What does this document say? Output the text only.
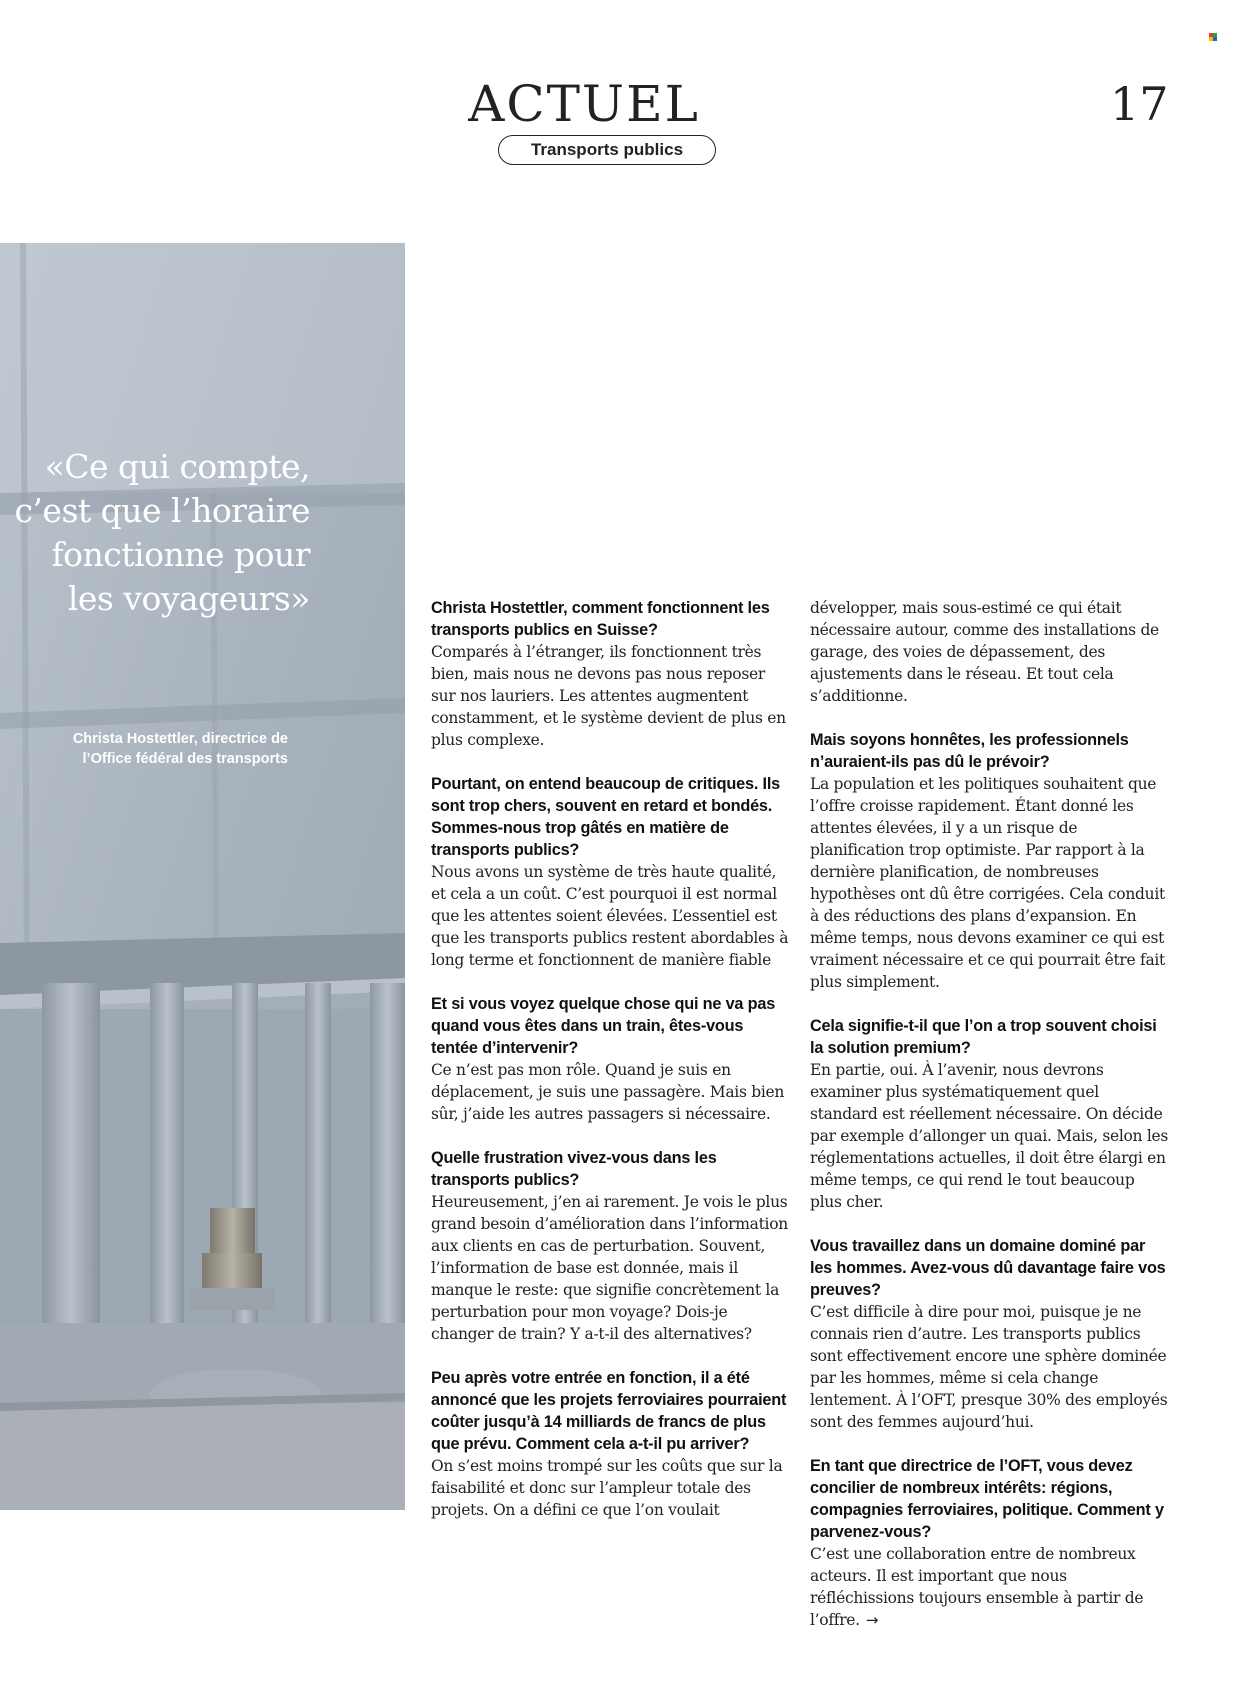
ACTUEL
Transports publics
17
«Ce qui compte, c’est que l’horaire fonctionne pour les voyageurs»
Christa Hostettler, directrice de l’Office fédéral des transports

Christa Hostettler, comment fonctionnent les transports publics en Suisse?

Comparés à l’étranger, ils fonctionnent très bien, mais nous ne devons pas nous reposer sur nos lauriers. Les attentes augmentent constamment, et le système devient de plus en plus complexe.

Pourtant, on entend beaucoup de critiques. Ils sont trop chers, souvent en retard et bondés. Sommes-nous trop gâtés en matière de transports publics?

Nous avons un système de très haute qualité, et cela a un coût. C’est pourquoi il est normal que les attentes soient élevées. L’essentiel est que les transports publics restent abordables à long terme et fonctionnent de manière fiable

Et si vous voyez quelque chose qui ne va pas quand vous êtes dans un train, êtes-vous tentée d’intervenir?

Ce n’est pas mon rôle. Quand je suis en déplacement, je suis une passagère. Mais bien sûr, j’aide les autres passagers si nécessaire.

Quelle frustration vivez-vous dans les transports publics?

Heureusement, j’en ai rarement. Je vois le plus grand besoin d’amélioration dans l’information aux clients en cas de perturbation. Souvent, l’information de base est donnée, mais il manque le reste: que signifie concrètement la perturbation pour mon voyage? Dois-je changer de train? Y a-t-il des alternatives?

Peu après votre entrée en fonction, il a été annoncé que les projets ferroviaires pourraient coûter jusqu’à 14 milliards de francs de plus que prévu. Comment cela a-t-il pu arriver?

On s’est moins trompé sur les coûts que sur la faisabilité et donc sur l’ampleur totale des projets. On a défini ce que l’on voulait

développer, mais sous-estimé ce qui était nécessaire autour, comme des installations de garage, des voies de dépassement, des ajustements dans le réseau. Et tout cela s’additionne.

Mais soyons honnêtes, les professionnels n’auraient-ils pas dû le prévoir?

La population et les politiques souhaitent que l’offre croisse rapidement. Étant donné les attentes élevées, il y a un risque de planification trop optimiste. Par rapport à la dernière planification, de nombreuses hypothèses ont dû être corrigées. Cela conduit à des réductions des plans d’expansion. En même temps, nous devons examiner ce qui est vraiment nécessaire et ce qui pourrait être fait plus simplement.

Cela signifie-t-il que l’on a trop souvent choisi la solution premium?

En partie, oui. À l’avenir, nous devrons examiner plus systématiquement quel standard est réellement nécessaire. On décide par exemple d’allonger un quai. Mais, selon les réglementations actuelles, il doit être élargi en même temps, ce qui rend le tout beaucoup plus cher.

Vous travaillez dans un domaine dominé par les hommes. Avez-vous dû davantage faire vos preuves?

C’est difficile à dire pour moi, puisque je ne connais rien d’autre. Les transports publics sont effectivement encore une sphère dominée par les hommes, même si cela change lentement. À l’OFT, presque 30% des employés sont des femmes aujourd’hui.

En tant que directrice de l’OFT, vous devez concilier de nombreux intérêts: régions, compagnies ferroviaires, politique. Comment y parvenez-vous?

C’est une collaboration entre de nombreux acteurs. Il est important que nous réfléchissions toujours ensemble à partir de l’offre. →
